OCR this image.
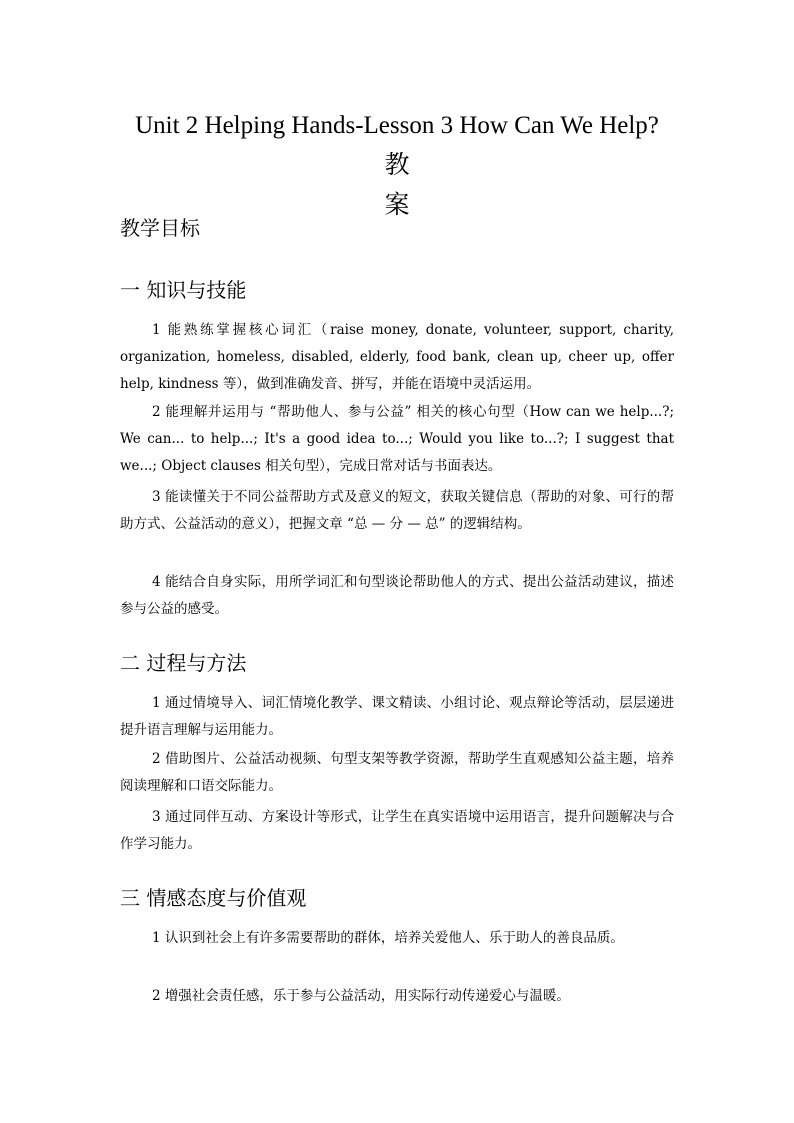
Unit 2 Helping Hands-Lesson 3 How Can We Help? 教
案
教学目标
一 知识与技能

1 能熟练掌握核心词汇（raise money, donate, volunteer, support, charity, organization, homeless, disabled, elderly, food bank, clean up, cheer up, offer help, kindness 等），做到准确发音、拼写，并能在语境中灵活运用。

2 能理解并运用与 “帮助他人、参与公益” 相关的核心句型（How can we help...?; We can... to help...; It's a good idea to...; Would you like to...?; I suggest that we...; Object clauses 相关句型），完成日常对话与书面表达。

3 能读懂关于不同公益帮助方式及意义的短文，获取关键信息（帮助的对象、可行的帮助方式、公益活动的意义），把握文章 “总 — 分 — 总” 的逻辑结构。

4 能结合自身实际，用所学词汇和句型谈论帮助他人的方式、提出公益活动建议，描述参与公益的感受。

二 过程与方法

1 通过情境导入、词汇情境化教学、课文精读、小组讨论、观点辩论等活动，层层递进提升语言理解与运用能力。

2 借助图片、公益活动视频、句型支架等教学资源，帮助学生直观感知公益主题，培养阅读理解和口语交际能力。

3 通过同伴互动、方案设计等形式，让学生在真实语境中运用语言，提升问题解决与合作学习能力。

三 情感态度与价值观

1 认识到社会上有许多需要帮助的群体，培养关爱他人、乐于助人的善良品质。

2 增强社会责任感，乐于参与公益活动，用实际行动传递爱心与温暖。
